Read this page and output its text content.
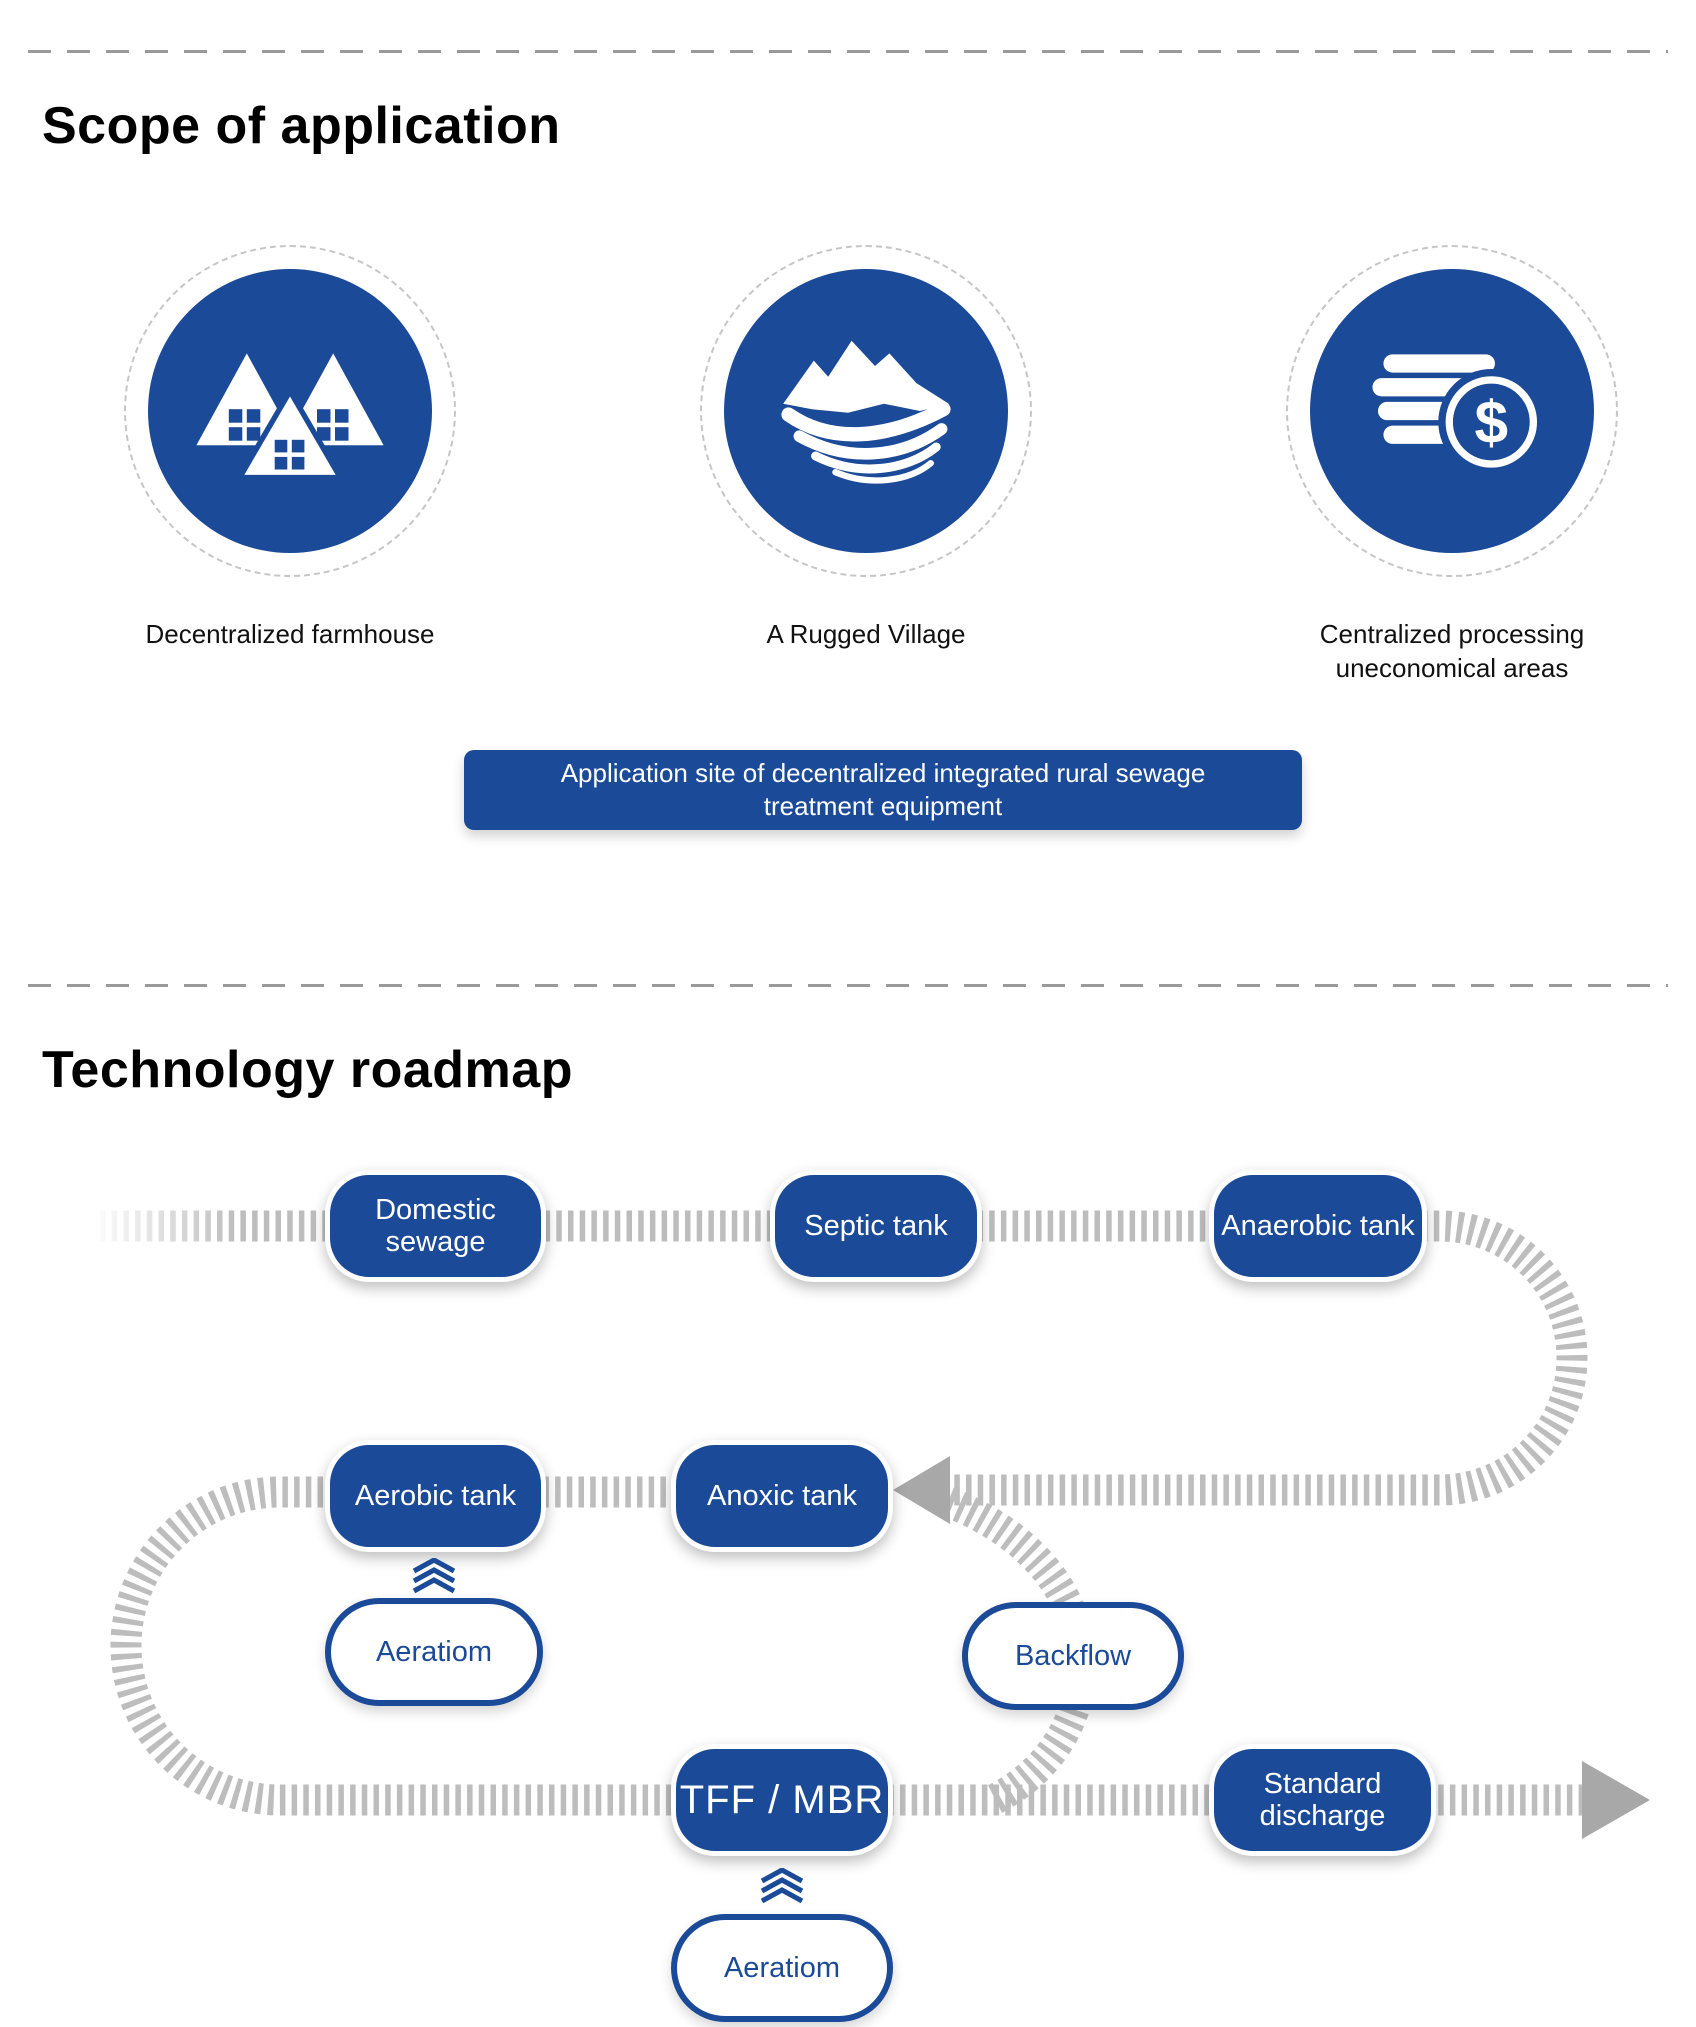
Scope of application
$
Decentralized farmhouse	A Rugged Village	Centralized processing uneconomical areas
Application site of decentralized integrated rural sewage treatment equipment
Technology roadmap
Domestic sewage
Septic tank	Anaerobic tank
Aerobic tank	Anoxic tank
TFF / MBR	Standard discharge
Aeratiom	Backflow
Aeratiom
